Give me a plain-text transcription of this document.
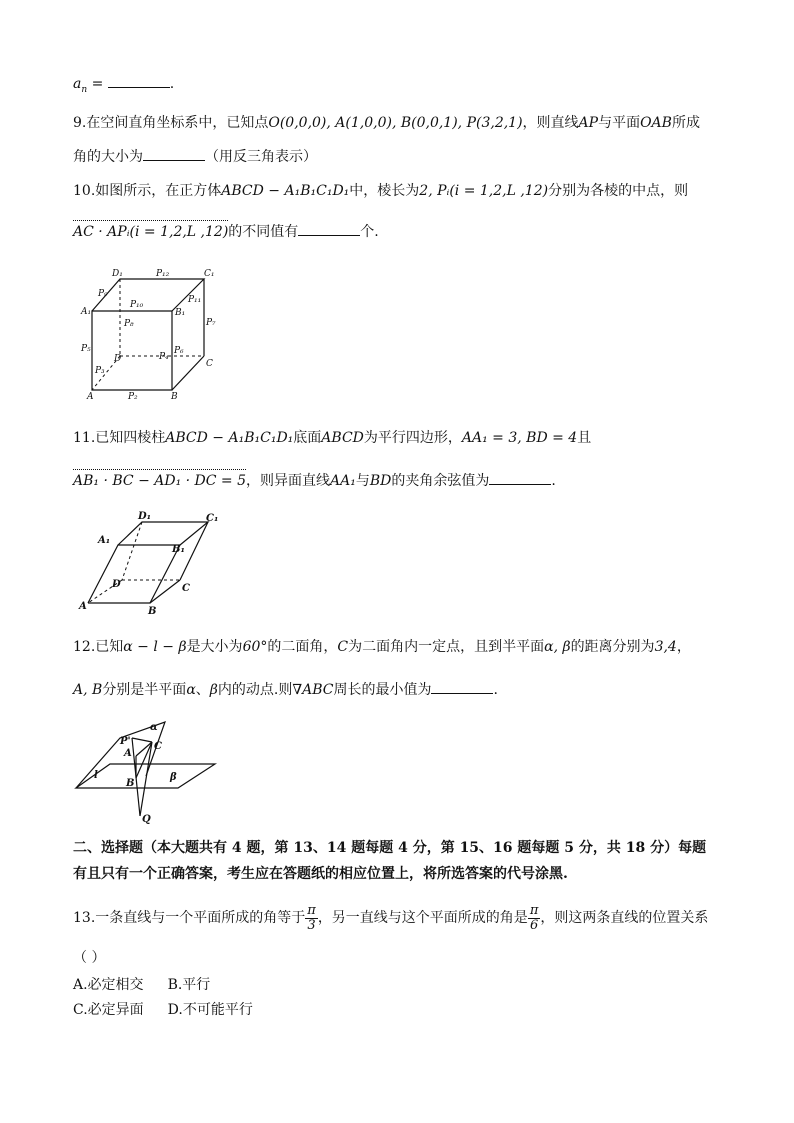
$a_n$ =	.
9.在空间直角坐标系中，已知点O(0,0,0), A(1,0,0), B(0,0,1), P(3,2,1)，则直线AP与平面OAB所成
角的大小为	（用反三角表示）
10.如图所示，在正方体ABCD − A₁B₁C₁D₁中，棱长为2, Pᵢ(i = 1,2,L ,12)分别为各棱的中点，则
AC · APᵢ(i = 1,2,L ,12)的不同值有	个.
D₁	P₁₂	C₁
P₉
P₁₀
A₁	B₁
P₁₁
P₈	P₇
P₅
D
P₆
C
P₄
P₃
A	P₂	B
11.已知四棱柱ABCD − A₁B₁C₁D₁底面ABCD为平行四边形，AA₁ = 3, BD = 4且
AB₁ · BC − AD₁ · DC = 5，则异面直线AA₁与BD的夹角余弦值为	.
D₁	C₁
A₁
B₁
D	C
A	B
12.已知α − l − β是大小为60°的二面角，C为二面角内一定点，且到半平面α, β的距离分别为3,4，
A, B分别是半平面α、β内的动点.则∇ABC周长的最小值为	.
α
P' C
A
l
B
β
Q
二、选择题（本大题共有 4 题，第 13、14 题每题 4 分，第 15、16 题每题 5 分，共 18 分）每题
有且只有一个正确答案，考生应在答题纸的相应位置上，将所选答案的代号涂黑.
13.一条直线与一个平面所成的角等于 $\frac{\pi}{3}$ ，另一直线与这个平面所成的角是 $\frac{\pi}{6}$ ，则这两条直线的位置关系
（ ）
A.必定相交 B.平行
C.必定异面 D.不可能平行
